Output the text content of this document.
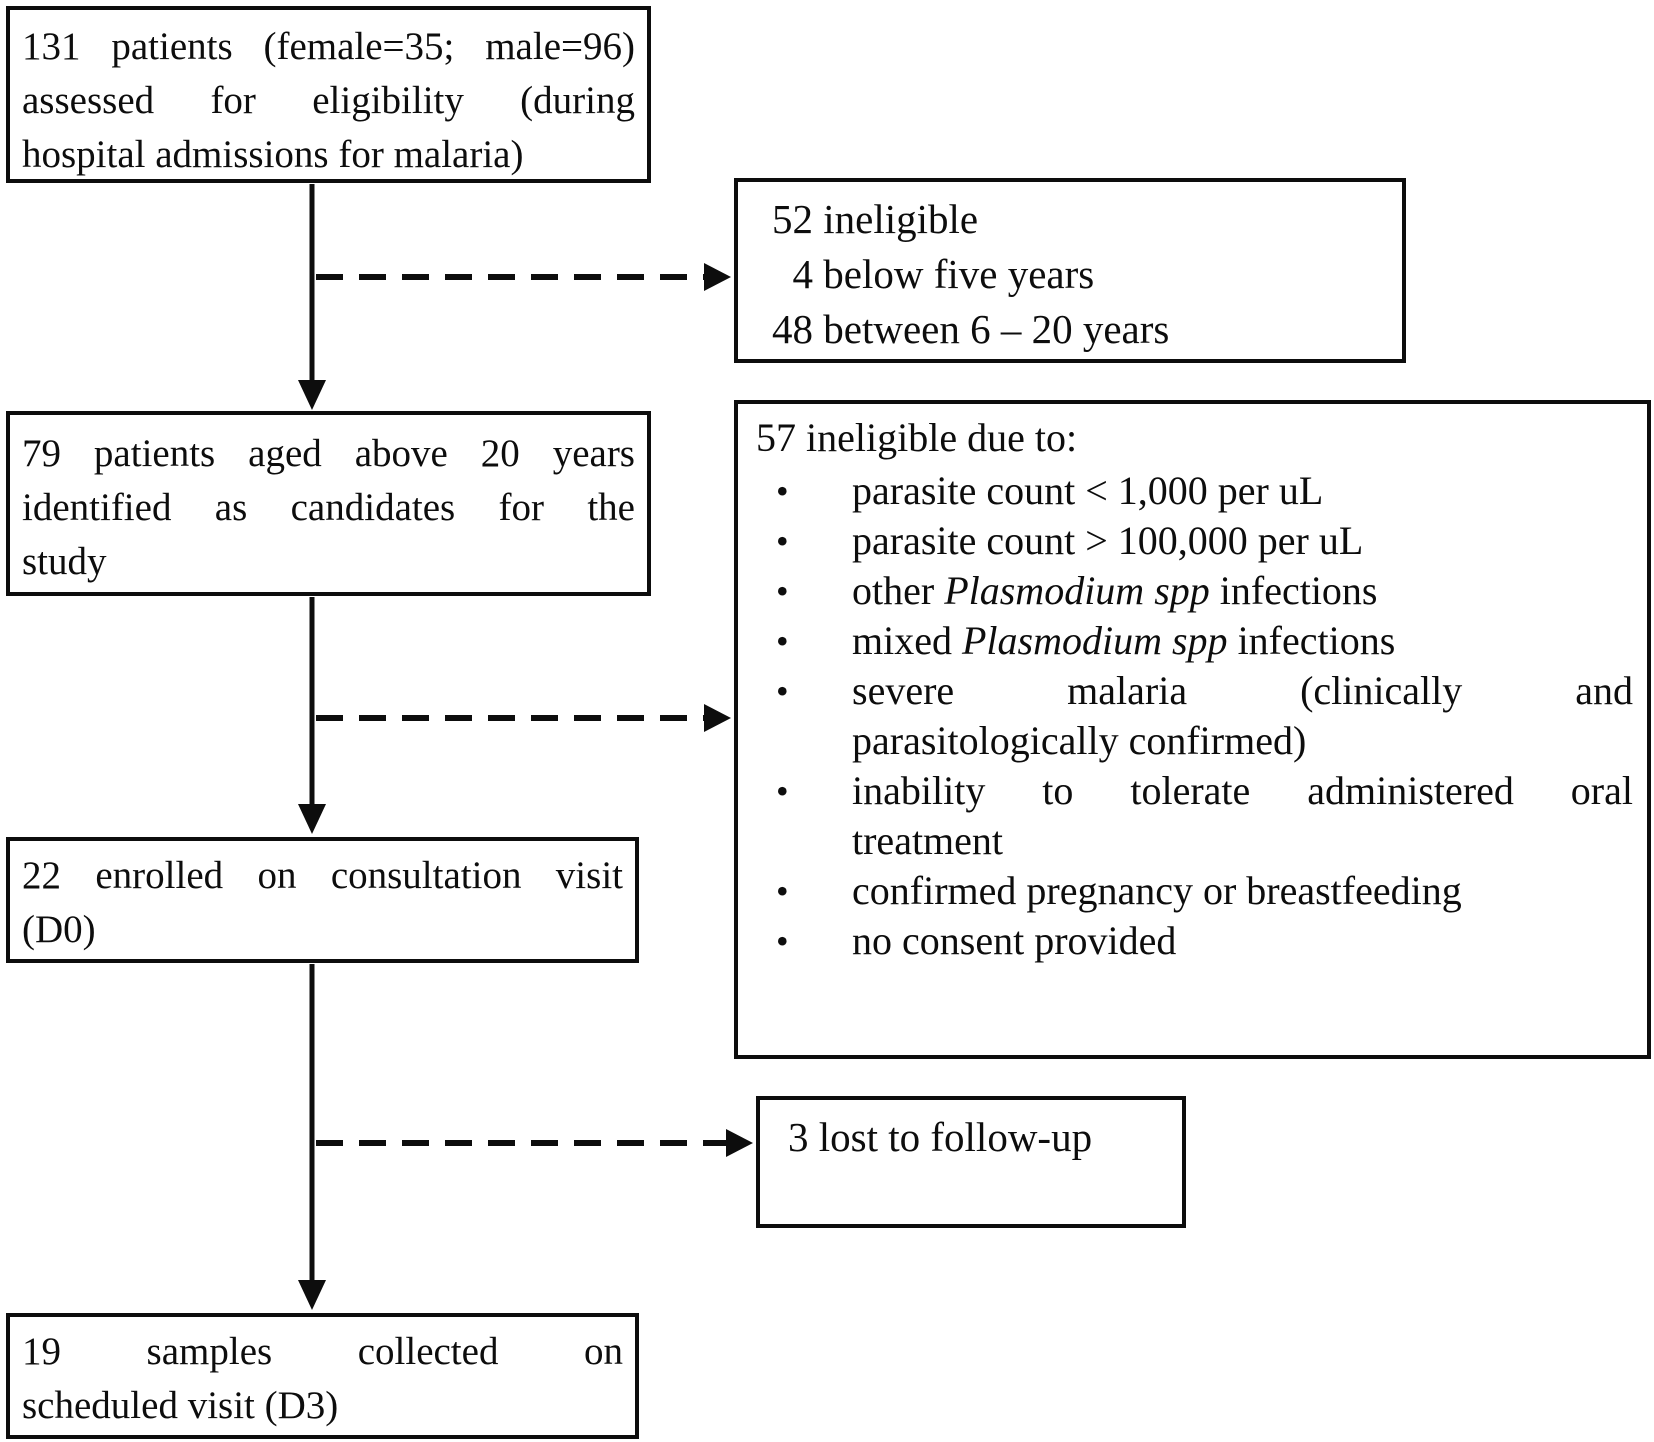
131 patients (female=35; male=96)
assessed for eligibility (during
hospital admissions for malaria)
52 ineligible
4 below five years
48 between 6 – 20 years
79 patients aged above 20 years
identified as candidates for the
study
57 ineligible due to:
•	parasite count < 1,000 per uL
•	parasite count > 100,000 per uL
•	other Plasmodium spp infections
•	mixed Plasmodium spp infections
•	severe malaria (clinically and
parasitologically confirmed)
•	inability to tolerate administered oral
treatment
•	confirmed pregnancy or breastfeeding
•	no consent provided
22 enrolled on consultation visit
(D0)
3 lost to follow-up
19 samples collected on
scheduled visit (D3)
